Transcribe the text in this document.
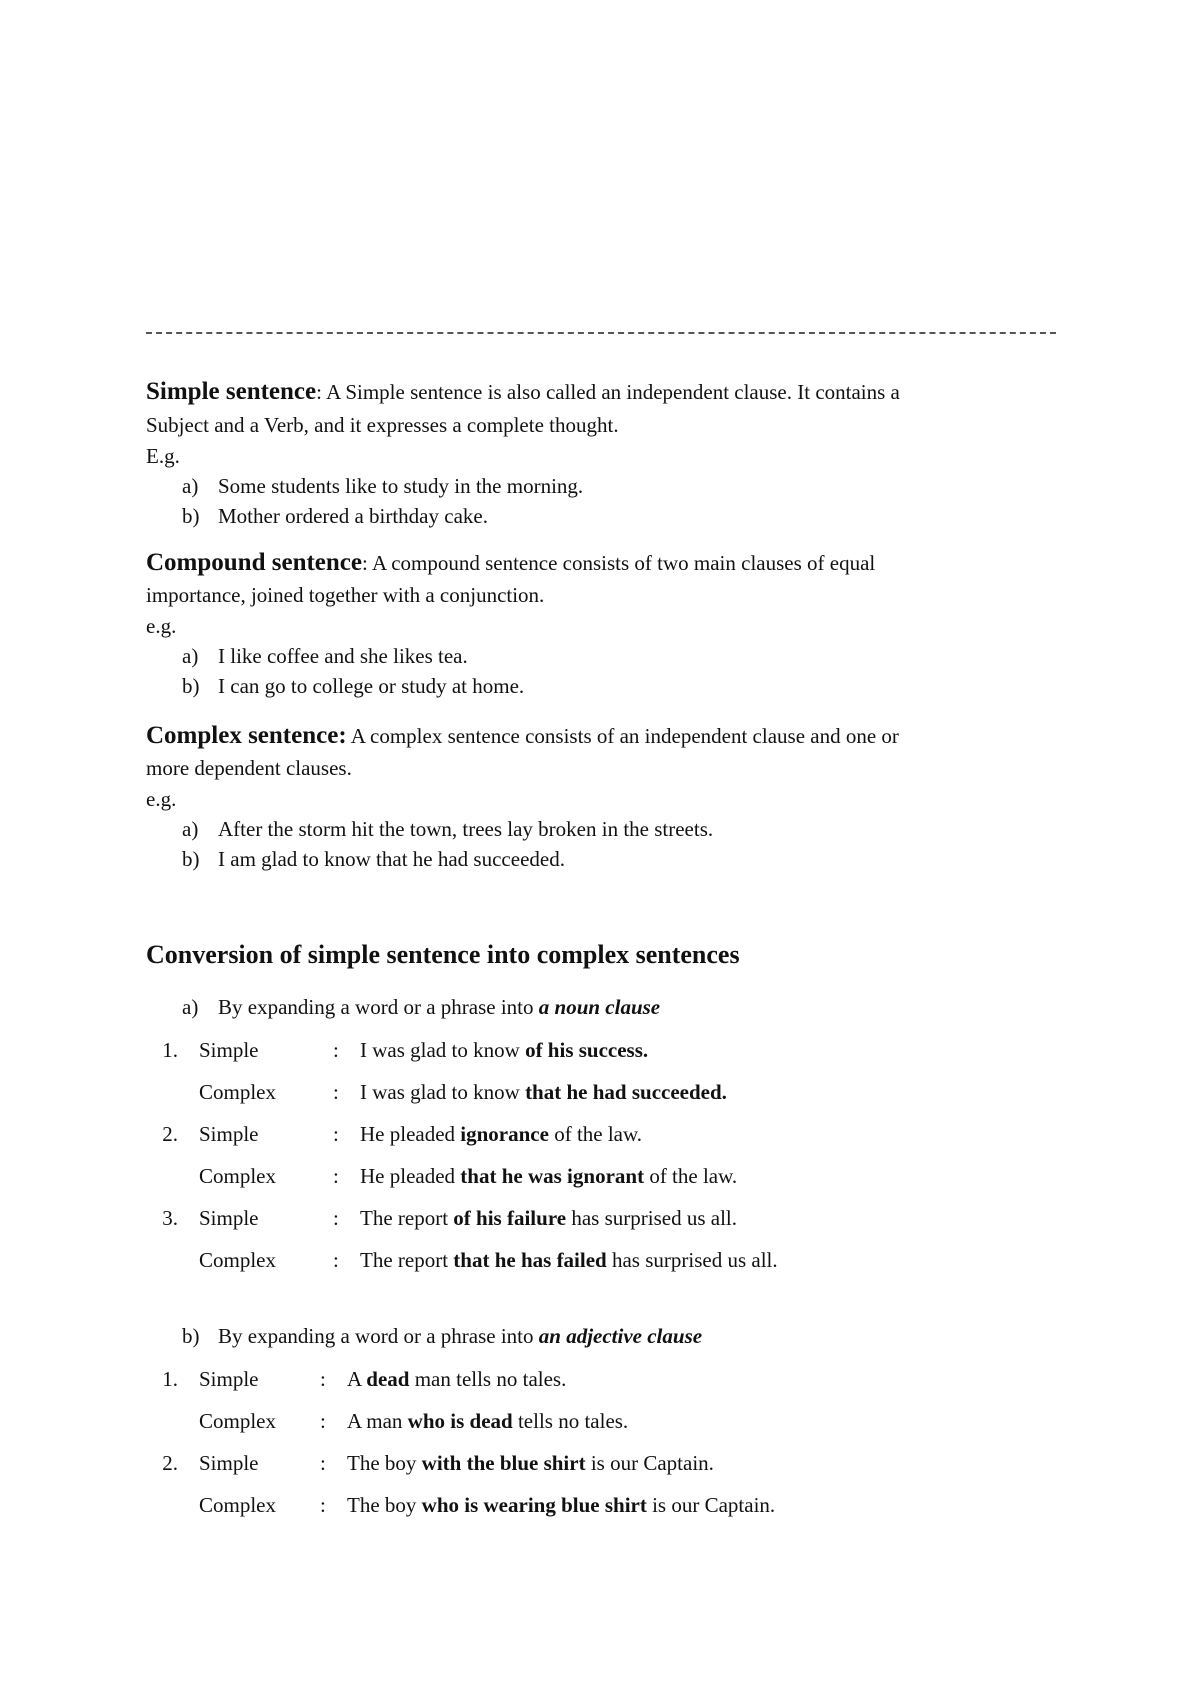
Simple sentence: A Simple sentence is also called an independent clause. It contains a
Subject and a Verb, and it expresses a complete thought.
E.g.
a) Some students like to study in the morning.
b) Mother ordered a birthday cake.
Compound sentence: A compound sentence consists of two main clauses of equal
importance, joined together with a conjunction.
e.g.
a) I like coffee and she likes tea.
b) I can go to college or study at home.
Complex sentence: A complex sentence consists of an independent clause and one or
more dependent clauses.
e.g.
a) After the storm hit the town, trees lay broken in the streets.
b) I am glad to know that he had succeeded.
Conversion of simple sentence into complex sentences
a) By expanding a word or a phrase into a noun clause
1. Simple	: I was glad to know of his success.
Complex	: I was glad to know that he had succeeded.
2. Simple	: He pleaded ignorance of the law.
Complex	: He pleaded that he was ignorant of the law.
3. Simple	: The report of his failure has surprised us all.
Complex	: The report that he has failed has surprised us all.
b) By expanding a word or a phrase into an adjective clause
1. Simple	: A dead man tells no tales.
Complex : A man who is dead tells no tales.
2. Simple	: The boy with the blue shirt is our Captain.
Complex : The boy who is wearing blue shirt is our Captain.
